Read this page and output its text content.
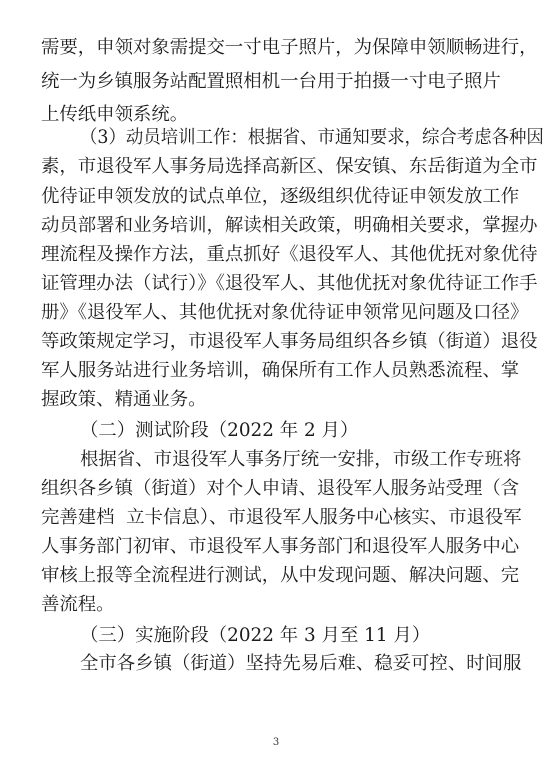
需要，申领对象需提交一寸电子照片，为保障申领顺畅进行，
统一为乡镇服务站配置照相机一台用于拍摄一寸电子照片
上传纸申领系统。
（3）动员培训工作：根据省、市通知要求，综合考虑各种因
素，市退役军人事务局选择高新区、保安镇、东岳街道为全市
优待证申领发放的试点单位，逐级组织优待证申领发放工作
动员部署和业务培训，解读相关政策，明确相关要求，掌握办
理流程及操作方法，重点抓好《退役军人、其他优抚对象优待
证管理办法（试行）》《退役军人、其他优抚对象优待证工作手
册》《退役军人、其他优抚对象优待证申领常见问题及口径》
等政策规定学习，市退役军人事务局组织各乡镇（街道）退役
军人服务站进行业务培训，确保所有工作人员熟悉流程、掌
握政策、精通业务。
（二）测试阶段（2022 年 2 月）
根据省、市退役军人事务厅统一安排，市级工作专班将
组织各乡镇（街道）对个人申请、退役军人服务站受理（含
完善建档  立卡信息）、市退役军人服务中心核实、市退役军
人事务部门初审、市退役军人事务部门和退役军人服务中心
审核上报等全流程进行测试，从中发现问题、解决问题、完
善流程。
（三）实施阶段（2022 年 3 月至 11 月）
全市各乡镇（街道）坚持先易后难、稳妥可控、时间服
3
